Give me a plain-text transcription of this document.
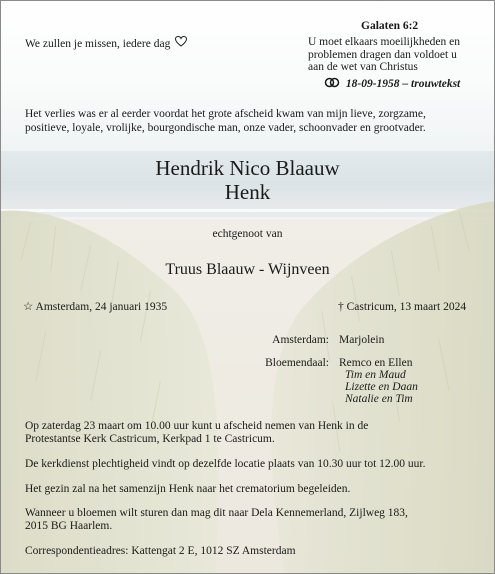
Galaten 6:2
We zullen je missen, iedere dag	U moet elkaars moeilijkheden en
problemen dragen dan voldoet u
aan de wet van Christus
18-09-1958 – trouwtekst
Het verlies was er al eerder voordat het grote afscheid kwam van mijn lieve, zorgzame,
positieve, loyale, vrolijke, bourgondische man, onze vader, schoonvader en grootvader.
Hendrik Nico Blaauw
Henk
echtgenoot van
Truus Blaauw - Wijnveen
☆ Amsterdam, 24 januari 1935	† Castricum, 13 maart 2024
Amsterdam: Marjolein
Bloemendaal: Remco en Ellen
Tim en Maud
Lizette en Daan
Natalie en Tim
Op zaterdag 23 maart om 10.00 uur kunt u afscheid nemen van Henk in de
Protestantse Kerk Castricum, Kerkpad 1 te Castricum.
De kerkdienst plechtigheid vindt op dezelfde locatie plaats van 10.30 uur tot 12.00 uur.
Het gezin zal na het samenzijn Henk naar het crematorium begeleiden.
Wanneer u bloemen wilt sturen dan mag dit naar Dela Kennemerland, Zijlweg 183,
2015 BG Haarlem.
Correspondentieadres: Kattengat 2 E, 1012 SZ Amsterdam
